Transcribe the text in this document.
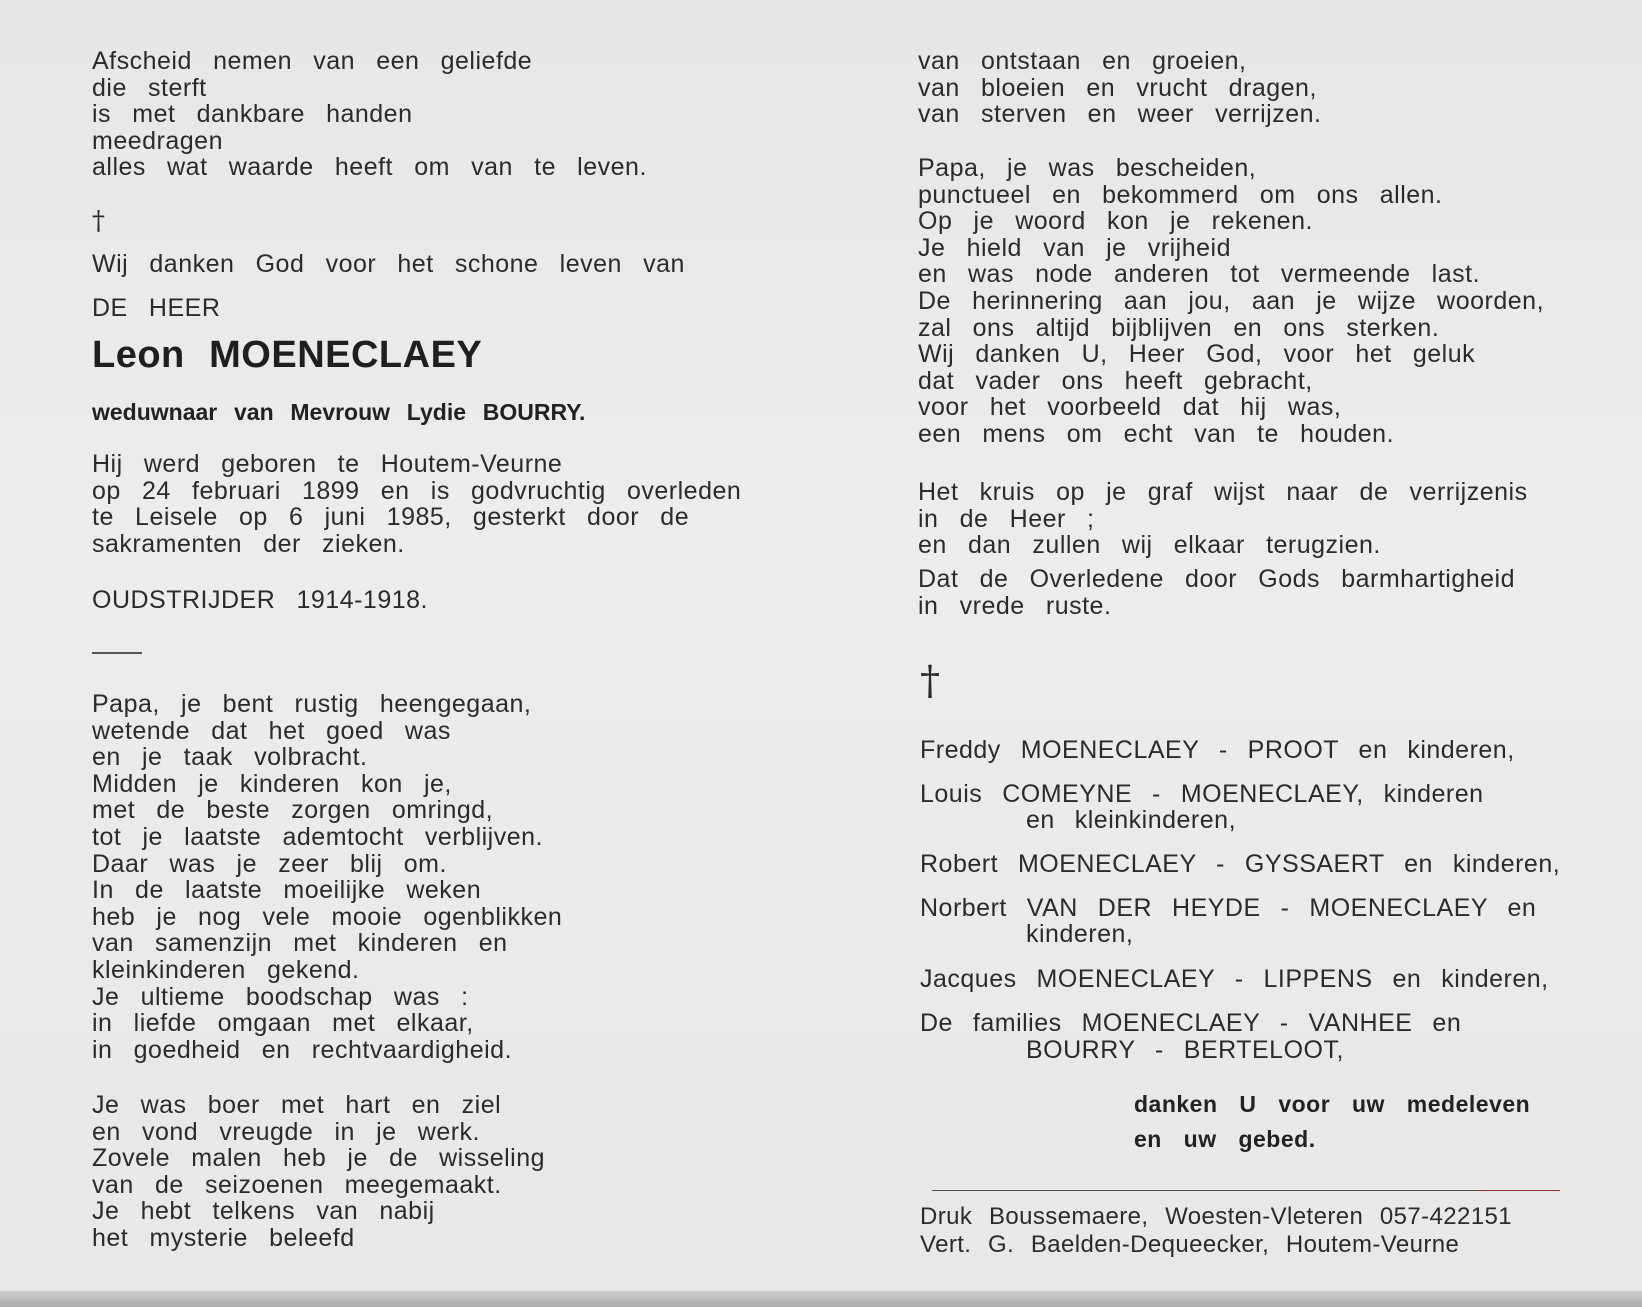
Afscheid nemen van een geliefde
die sterft
is met dankbare handen
meedragen
alles wat waarde heeft om van te leven.
†
Wij danken God voor het schone leven van
DE HEER
Leon MOENECLAEY
weduwnaar van Mevrouw Lydie BOURRY.
Hij werd geboren te Houtem-Veurne
op 24 februari 1899 en is godvruchtig overleden
te Leisele op 6 juni 1985, gesterkt door de
sakramenten der zieken.
OUDSTRIJDER 1914-1918.
Papa, je bent rustig heengegaan,
wetende dat het goed was
en je taak volbracht.
Midden je kinderen kon je,
met de beste zorgen omringd,
tot je laatste ademtocht verblijven.
Daar was je zeer blij om.
In de laatste moeilijke weken
heb je nog vele mooie ogenblikken
van samenzijn met kinderen en
kleinkinderen gekend.
Je ultieme boodschap was :
in liefde omgaan met elkaar,
in goedheid en rechtvaardigheid.
Je was boer met hart en ziel
en vond vreugde in je werk.
Zovele malen heb je de wisseling
van de seizoenen meegemaakt.
Je hebt telkens van nabij
het mysterie beleefd
van ontstaan en groeien,
van bloeien en vrucht dragen,
van sterven en weer verrijzen.
Papa, je was bescheiden,
punctueel en bekommerd om ons allen.
Op je woord kon je rekenen.
Je hield van je vrijheid
en was node anderen tot vermeende last.
De herinnering aan jou, aan je wijze woorden,
zal ons altijd bijblijven en ons sterken.
Wij danken U, Heer God, voor het geluk
dat vader ons heeft gebracht,
voor het voorbeeld dat hij was,
een mens om echt van te houden.
Het kruis op je graf wijst naar de verrijzenis
in de Heer ;
en dan zullen wij elkaar terugzien.
Dat de Overledene door Gods barmhartigheid
in vrede ruste.
†
Freddy MOENECLAEY - PROOT en kinderen,
Louis COMEYNE - MOENECLAEY, kinderen
en kleinkinderen,
Robert MOENECLAEY - GYSSAERT en kinderen,
Norbert VAN DER HEYDE - MOENECLAEY en
kinderen,
Jacques MOENECLAEY - LIPPENS en kinderen,
De families MOENECLAEY - VANHEE en
BOURRY - BERTELOOT,
danken U voor uw medeleven
en uw gebed.
Druk Boussemaere, Woesten-Vleteren 057-422151
Vert. G. Baelden-Dequeecker, Houtem-Veurne
